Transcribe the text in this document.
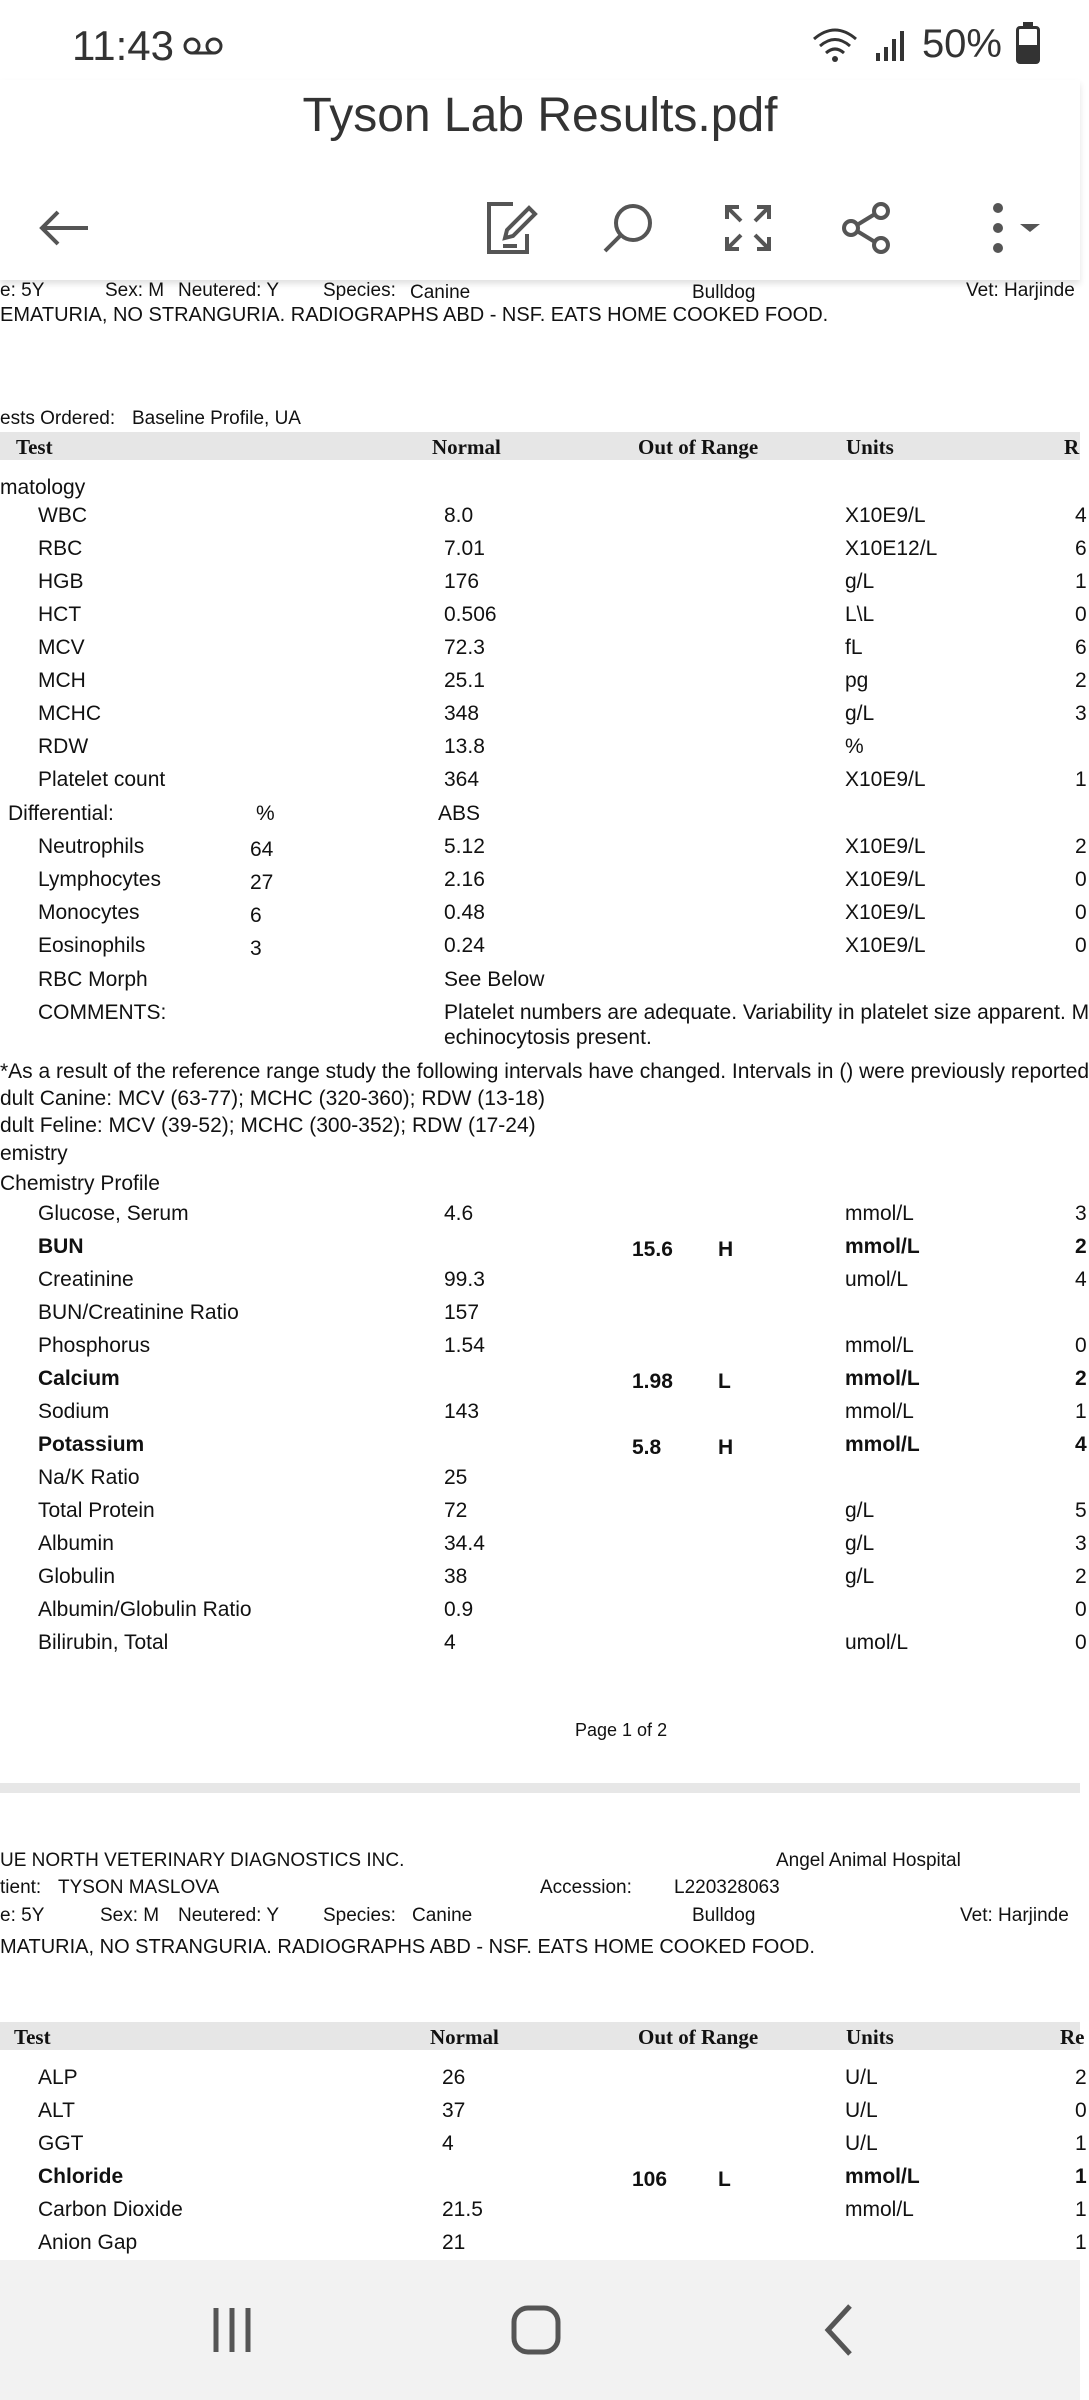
11:43	50%
Tyson Lab Results.pdf
e: 5Y	Sex: M Neutered: Y Species: Canine	Bulldog	Vet: Harjinde
EMATURIA, NO STRANGURIA. RADIOGRAPHS ABD - NSF. EATS HOME COOKED FOOD.
ests Ordered: Baseline Profile, UA
Test	Normal	Out of Range	Units	R
matology
WBC	8.0	X10E9/L	4
RBC	7.01	X10E12/L	6
HGB	176	g/L	1
HCT	0.506	L\L	0
MCV	72.3	fL	6
MCH	25.1	pg	2
MCHC	348	g/L	3
RDW	13.8	%
Platelet count	364	X10E9/L	1
Differential:	%	ABS
Neutrophils	64	5.12	X10E9/L	2
Lymphocytes	27	2.16	X10E9/L	0
Monocytes	6	0.48	X10E9/L	0
Eosinophils	3	0.24	X10E9/L	0
RBC Morph	See Below
COMMENTS:	Platelet numbers are adequate. Variability in platelet size apparent. M
echinocytosis present.
*As a result of the reference range study the following intervals have changed. Intervals in () were previously reported
dult Canine: MCV (63-77); MCHC (320-360); RDW (13-18)
dult Feline: MCV (39-52); MCHC (300-352); RDW (17-24)
emistry
Chemistry Profile
Glucose, Serum	4.6	mmol/L	3
BUN	15.6 H	mmol/L	2
Creatinine	99.3	umol/L	4
BUN/Creatinine Ratio	157
Phosphorus	1.54	mmol/L	0
Calcium	1.98 L	mmol/L	2
Sodium	143	mmol/L	1
Potassium	5.8	H	mmol/L	4
Na/K Ratio	25
Total Protein	72	g/L	5
Albumin	34.4	g/L	3
Globulin	38	g/L	2
Albumin/Globulin Ratio	0.9	0
Bilirubin, Total	4	umol/L	0
Page 1 of 2
UE NORTH VETERINARY DIAGNOSTICS INC.	Angel Animal Hospital
tient: TYSON MASLOVA	Accession: L220328063
e: 5Y	Sex: M Neutered: Y Species: Canine	Bulldog	Vet: Harjinde
MATURIA, NO STRANGURIA. RADIOGRAPHS ABD - NSF. EATS HOME COOKED FOOD.
Test	Normal	Out of Range	Units	Re
ALP	26	U/L	2
ALT	37	U/L	0
GGT	4	U/L	1
Chloride	106 L	mmol/L	1
Carbon Dioxide	21.5	mmol/L	1
Anion Gap	21	1
